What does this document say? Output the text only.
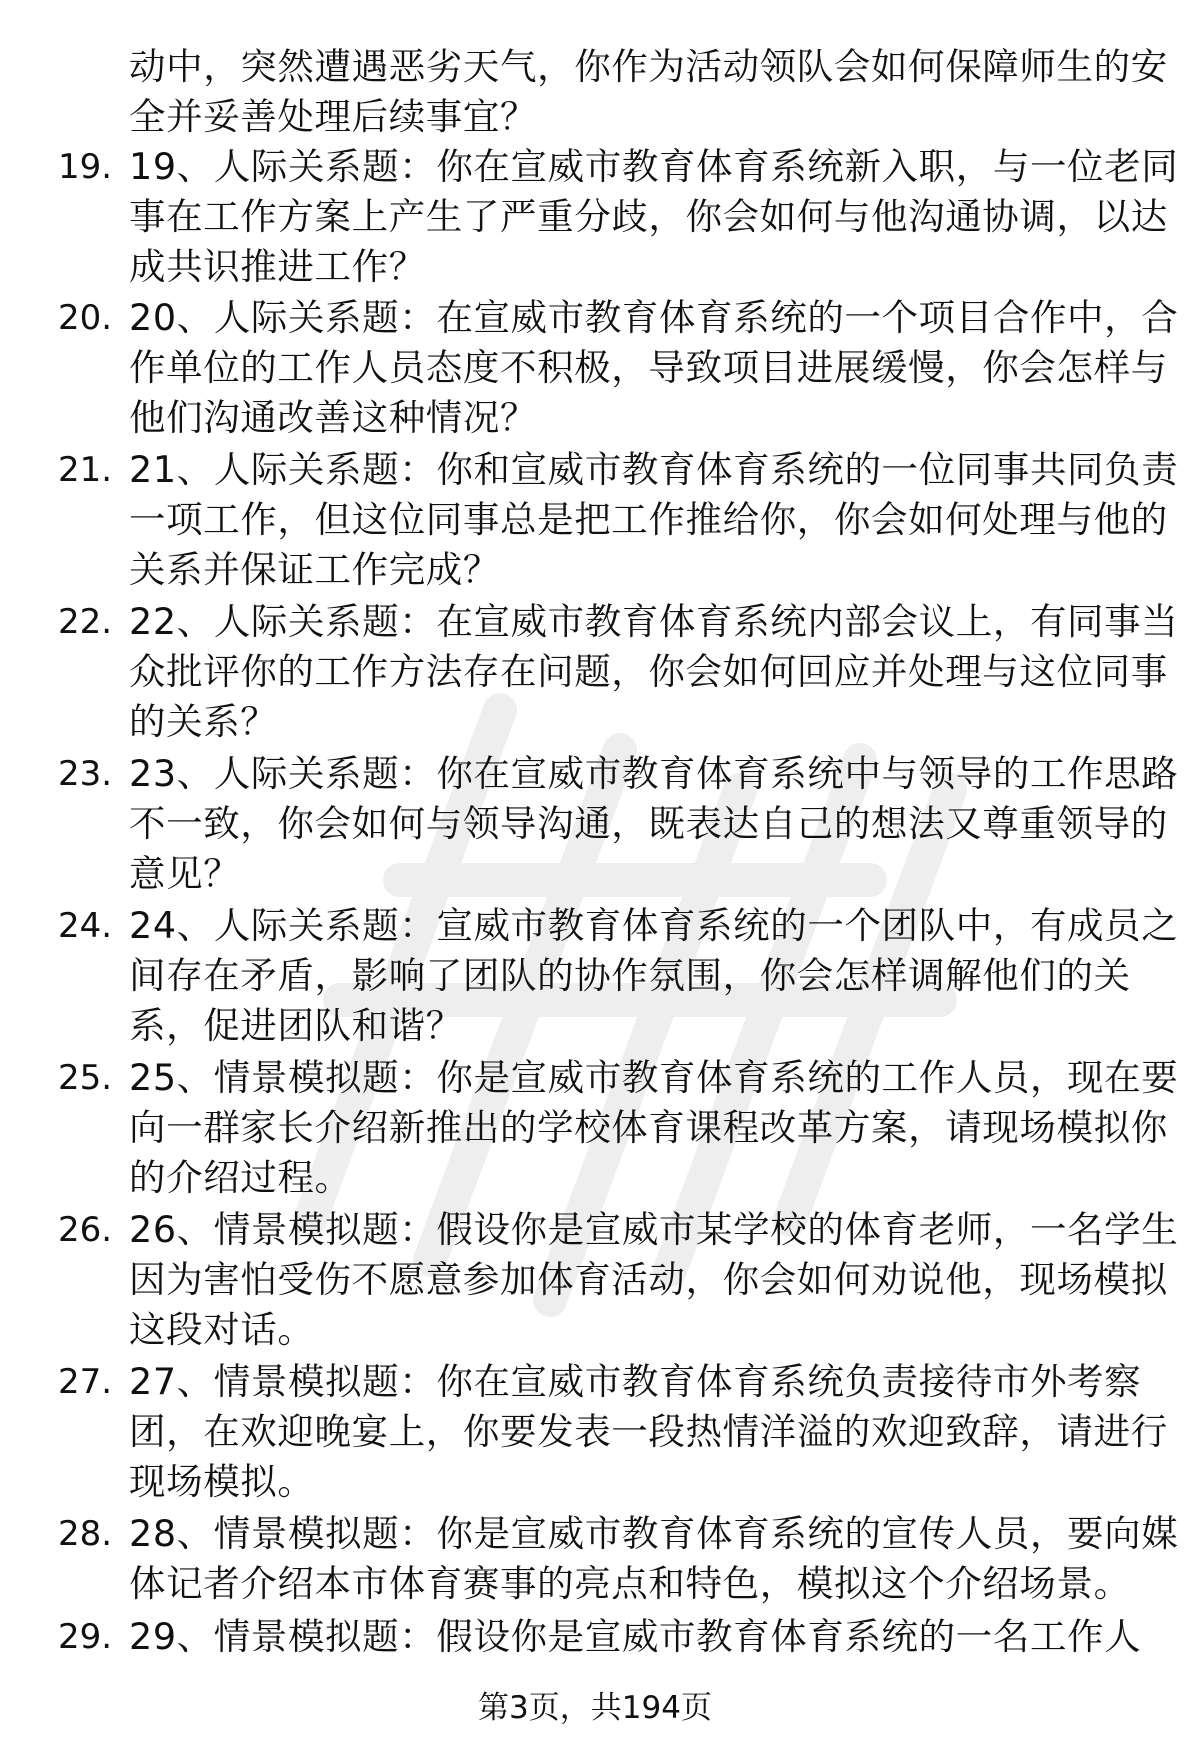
动中，突然遭遇恶劣天气，你作为活动领队会如何保障师生的安
全并妥善处理后续事宜？
19. 19、人际关系题：你在宣威市教育体育系统新入职，与一位老同
事在工作方案上产生了严重分歧，你会如何与他沟通协调，以达
成共识推进工作？
20. 20、人际关系题：在宣威市教育体育系统的一个项目合作中，合
作单位的工作人员态度不积极，导致项目进展缓慢，你会怎样与
他们沟通改善这种情况？
21. 21、人际关系题：你和宣威市教育体育系统的一位同事共同负责
一项工作，但这位同事总是把工作推给你，你会如何处理与他的
关系并保证工作完成？
22. 22、人际关系题：在宣威市教育体育系统内部会议上，有同事当
众批评你的工作方法存在问题，你会如何回应并处理与这位同事
的关系？
23. 23、人际关系题：你在宣威市教育体育系统中与领导的工作思路
不一致，你会如何与领导沟通，既表达自己的想法又尊重领导的
意见？
24. 24、人际关系题：宣威市教育体育系统的一个团队中，有成员之
间存在矛盾，影响了团队的协作氛围，你会怎样调解他们的关
系，促进团队和谐？
25. 25、情景模拟题：你是宣威市教育体育系统的工作人员，现在要
向一群家长介绍新推出的学校体育课程改革方案，请现场模拟你
的介绍过程。
26. 26、情景模拟题：假设你是宣威市某学校的体育老师，一名学生
因为害怕受伤不愿意参加体育活动，你会如何劝说他，现场模拟
这段对话。
27. 27、情景模拟题：你在宣威市教育体育系统负责接待市外考察
团，在欢迎晚宴上，你要发表一段热情洋溢的欢迎致辞，请进行
现场模拟。
28. 28、情景模拟题：你是宣威市教育体育系统的宣传人员，要向媒
体记者介绍本市体育赛事的亮点和特色，模拟这个介绍场景。
29. 29、情景模拟题：假设你是宣威市教育体育系统的一名工作人
第3页，共194页
